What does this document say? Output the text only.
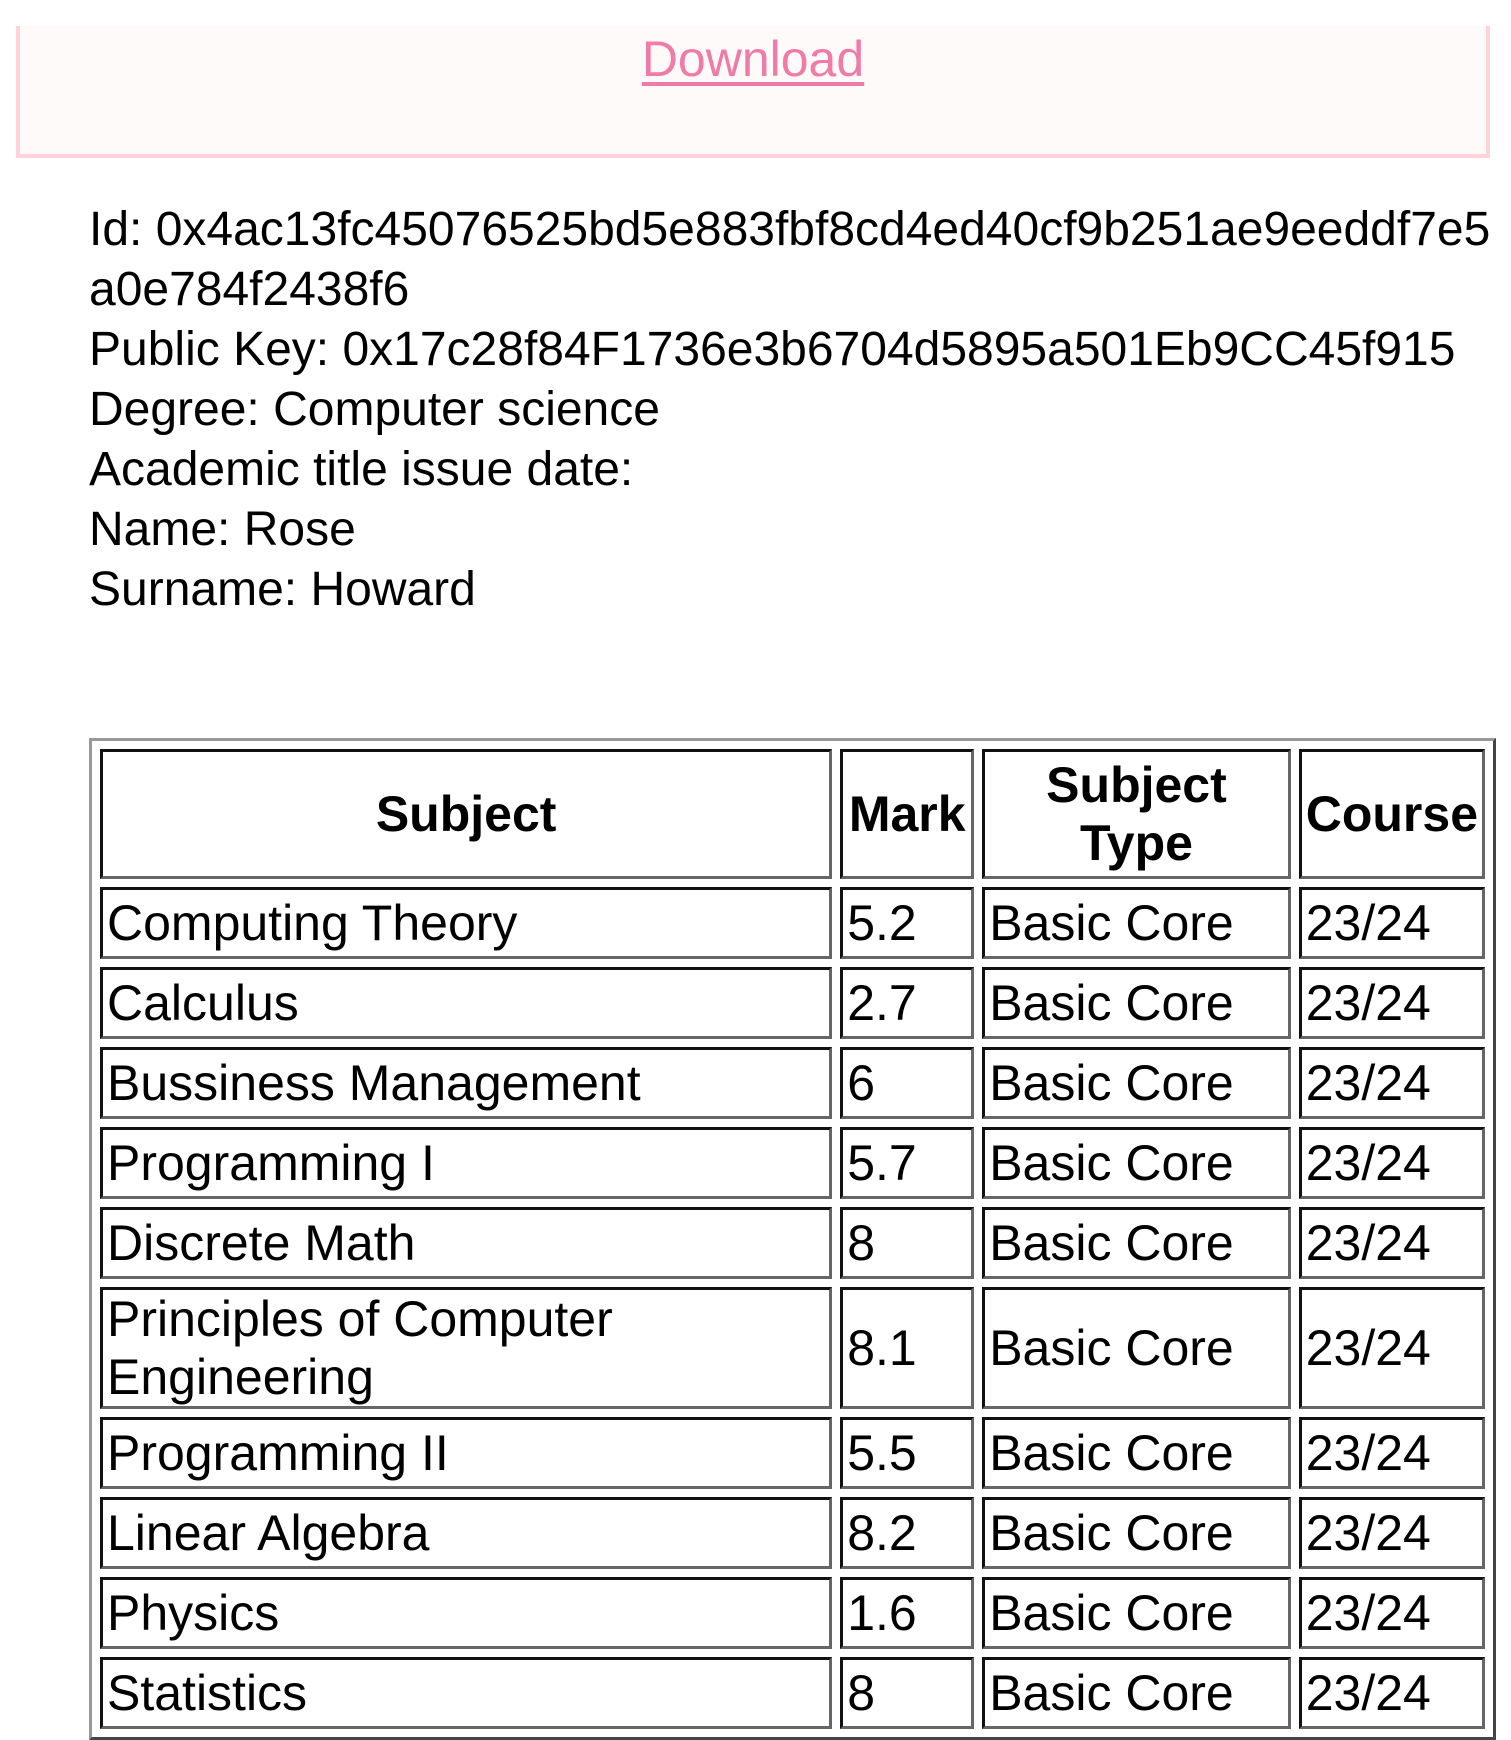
Download
Id: 0x4ac13fc45076525bd5e883fbf8cd4ed40cf9b251ae9eeddf7e5a0e784f2438f6
Public Key: 0x17c28f84F1736e3b6704d5895a501Eb9CC45f915
Degree: Computer science
Academic title issue date:
Name: Rose
Surname: Howard
Subject	Mark	Subject Type	Course
Computing Theory	5.2	Basic Core	23/24
Calculus	2.7	Basic Core	23/24
Bussiness Management	6	Basic Core	23/24
Programming I	5.7	Basic Core	23/24
Discrete Math	8	Basic Core	23/24
Principles of Computer Engineering	8.1	Basic Core	23/24
Programming II	5.5	Basic Core	23/24
Linear Algebra	8.2	Basic Core	23/24
Physics	1.6	Basic Core	23/24
Statistics	8	Basic Core	23/24
